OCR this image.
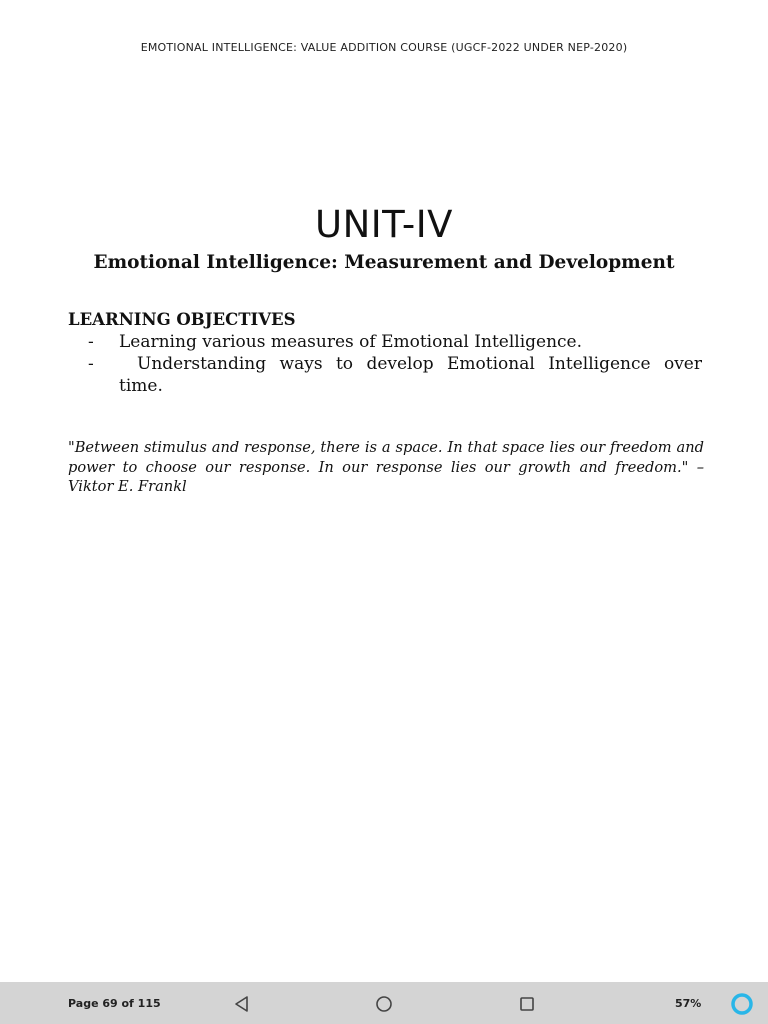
EMOTIONAL INTELLIGENCE: VALUE ADDITION COURSE (UGCF-2022 UNDER NEP-2020)
UNIT-IV
Emotional Intelligence: Measurement and Development
LEARNING OBJECTIVES
-	Learning various measures of Emotional Intelligence.
-	Understanding ways to develop Emotional Intelligence over time.
"Between stimulus and response, there is a space. In that space lies our freedom and power to choose our response. In our response lies our growth and freedom." – Viktor E. Frankl
Page 69 of 115	57%
